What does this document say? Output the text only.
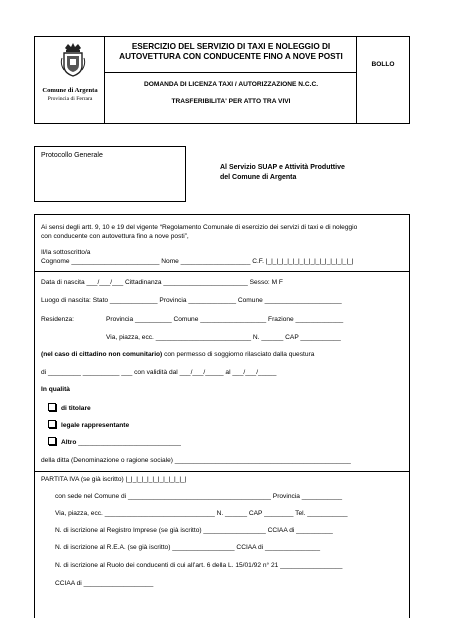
Comune di Argenta
Provincia di Ferrara
ESERCIZIO DEL SERVIZIO DI TAXI E NOLEGGIO DI AUTOVETTURA CON CONDUCENTE FINO A NOVE POSTI
BOLLO
DOMANDA DI LICENZA TAXI / AUTORIZZAZIONE N.C.C.
TRASFERIBILITA' PER ATTO TRA VIVI
Protocollo Generale
Al Servizio SUAP e Attività Produttive
del Comune di Argenta
Ai sensi degli artt. 9, 10 e 19 del vigente “Regolamento Comunale di esercizio dei servizi di taxi e di noleggio
con conducente con autovettura fino a nove posti”,
Il/la sottoscritto/a
Cognome ________________________ Nome ___________________ C.F. |_|_|_|_|_|_|_|_|_|_|_|_|_|_|_|_|
Data di nascita ___/___/___ Cittadinanza _______________________ Sesso: M F
Luogo di nascita: Stato _____________ Provincia _____________ Comune _____________________
Residenza:	Provincia __________ Comune __________________ Frazione _____________
Via, piazza, ecc. __________________________ N. ______ CAP ___________
(nel caso di cittadino non comunitario) con permesso di soggiorno rilasciato dalla questura
di _________ __________ ___ con validità dal ___/___/_____ al ___/___/_____
In qualità
di titolare
legale rappresentante
Altro ____________________________
della ditta (Denominazione o ragione sociale) ________________________________________________
PARTITA IVA (se già iscritto) |_|_|_|_|_|_|_|_|_|_|_|
con sede nel Comune di _______________________________________ Provincia ___________
Via, piazza, ecc. ______________________________ N. ______ CAP ________ Tel. ___________
N. di iscrizione al Registro Imprese (se già iscritto) _________________ CCIAA di __________
N. di iscrizione al R.E.A. (se già iscritto) _________________ CCIAA di _______________
N. di iscrizione al Ruolo dei conducenti di cui all’art. 6 della L. 15/01/92 n° 21 _________________
CCIAA di ___________________
